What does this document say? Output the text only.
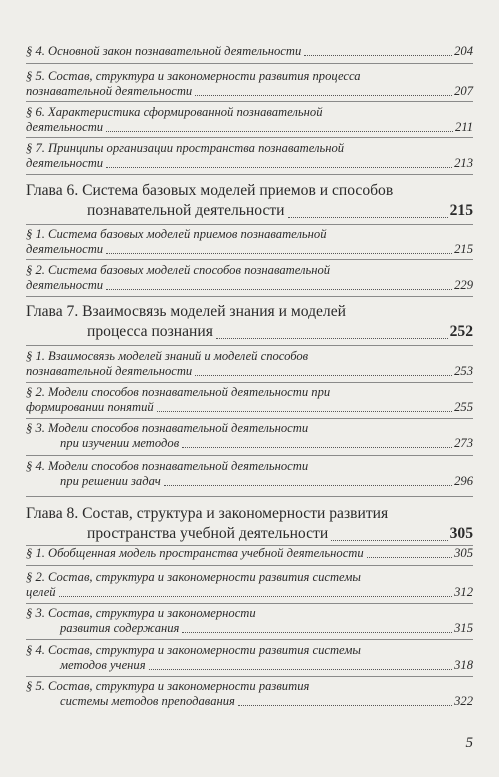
§ 4. Основной закон познавательной деятельности	204
§ 5. Состав, структура и закономерности развития процесса
познавательной деятельности	207
§ 6. Характеристика сформированной познавательной
деятельности	211
§ 7. Принципы организации пространства познавательной
деятельности	213
Глава 6. Система базовых моделей приемов и способов
познавательной деятельности	215
§ 1. Система базовых моделей приемов познавательной
деятельности	215
§ 2. Система базовых моделей способов познавательной
деятельности	229
Глава 7. Взаимосвязь моделей знания и моделей
процесса познания	252
§ 1. Взаимосвязь моделей знаний и моделей способов
познавательной деятельности	253
§ 2. Модели способов познавательной деятельности при
формировании понятий	255
§ 3. Модели способов познавательной деятельности
при изучении методов	273
§ 4. Модели способов познавательной деятельности
при решении задач	296
Глава 8. Состав, структура и закономерности развития
пространства учебной деятельности	305
§ 1. Обобщенная модель пространства учебной деятельности	305
§ 2. Состав, структура и закономерности развития системы
целей	312
§ 3. Состав, структура и закономерности
развития содержания	315
§ 4. Состав, структура и закономерности развития системы
методов учения	318
§ 5. Состав, структура и закономерности развития
системы методов преподавания	322
5
